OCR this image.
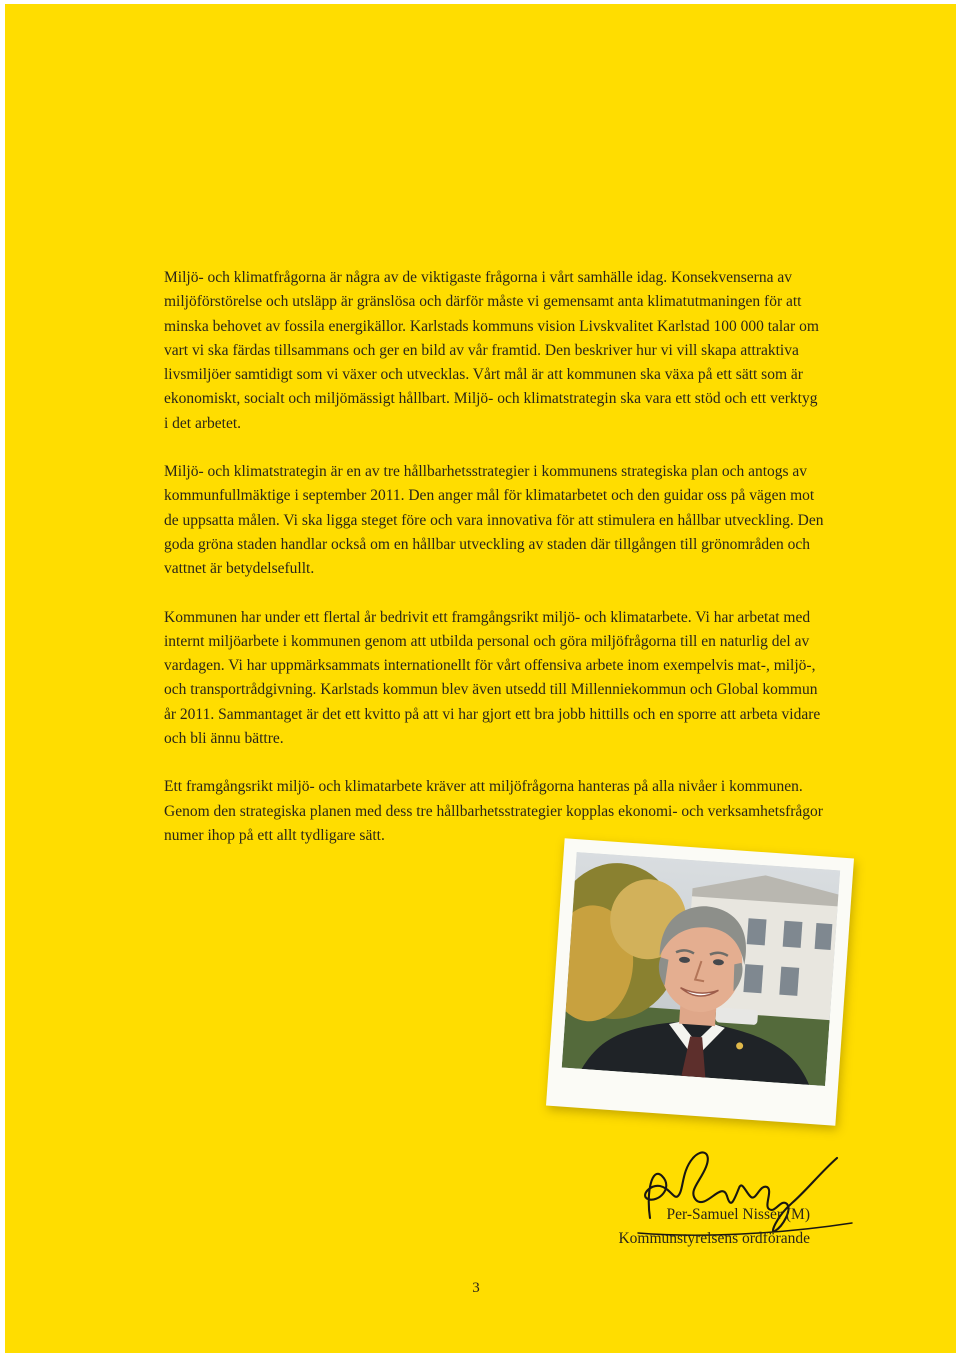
Miljö- och klimatfrågorna är några av de viktigaste frågorna i vårt samhälle idag. Konsekvenserna av miljöförstörelse och utsläpp är gränslösa och därför måste vi gemensamt anta klimatutmaningen för att minska behovet av fossila energikällor. Karlstads kommuns vision Livskvalitet Karlstad 100 000 talar om vart vi ska färdas tillsammans och ger en bild av vår framtid. Den beskriver hur vi vill skapa attraktiva livsmiljöer samtidigt som vi växer och utvecklas. Vårt mål är att kommunen ska växa på ett sätt som är ekonomiskt, socialt och miljömässigt hållbart. Miljö- och klimatstrategin ska vara ett stöd och ett verktyg i det arbetet.

Miljö- och klimatstrategin är en av tre hållbarhetsstrategier i kommunens strategiska plan och antogs av kommunfullmäktige i september 2011. Den anger mål för klimatarbetet och den guidar oss på vägen mot de uppsatta målen. Vi ska ligga steget före och vara innovativa för att stimulera en hållbar utveckling. Den goda gröna staden handlar också om en hållbar utveckling av staden där tillgången till grönområden och vattnet är betydelsefullt.

Kommunen har under ett flertal år bedrivit ett framgångsrikt miljö- och klimatarbete. Vi har arbetat med internt miljöarbete i kommunen genom att utbilda personal och göra miljöfrågorna till en naturlig del av vardagen. Vi har uppmärksammats internationellt för vårt offensiva arbete inom exempelvis mat-, miljö-, och transportrådgivning. Karlstads kommun blev även utsedd till Millenniekommun och Global kommun år 2011. Sammantaget är det ett kvitto på att vi har gjort ett bra jobb hittills och en sporre att arbeta vidare och bli ännu bättre.

Ett framgångsrikt miljö- och klimatarbete kräver att miljöfrågorna hanteras på alla nivåer i kommunen. Genom den strategiska planen med dess tre hållbarhetsstrategier kopplas ekonomi- och verksamhetsfrågor numer ihop på ett allt tydligare sätt.

Per-Samuel Nisser (M)
Kommunstyrelsens ordförande
3
